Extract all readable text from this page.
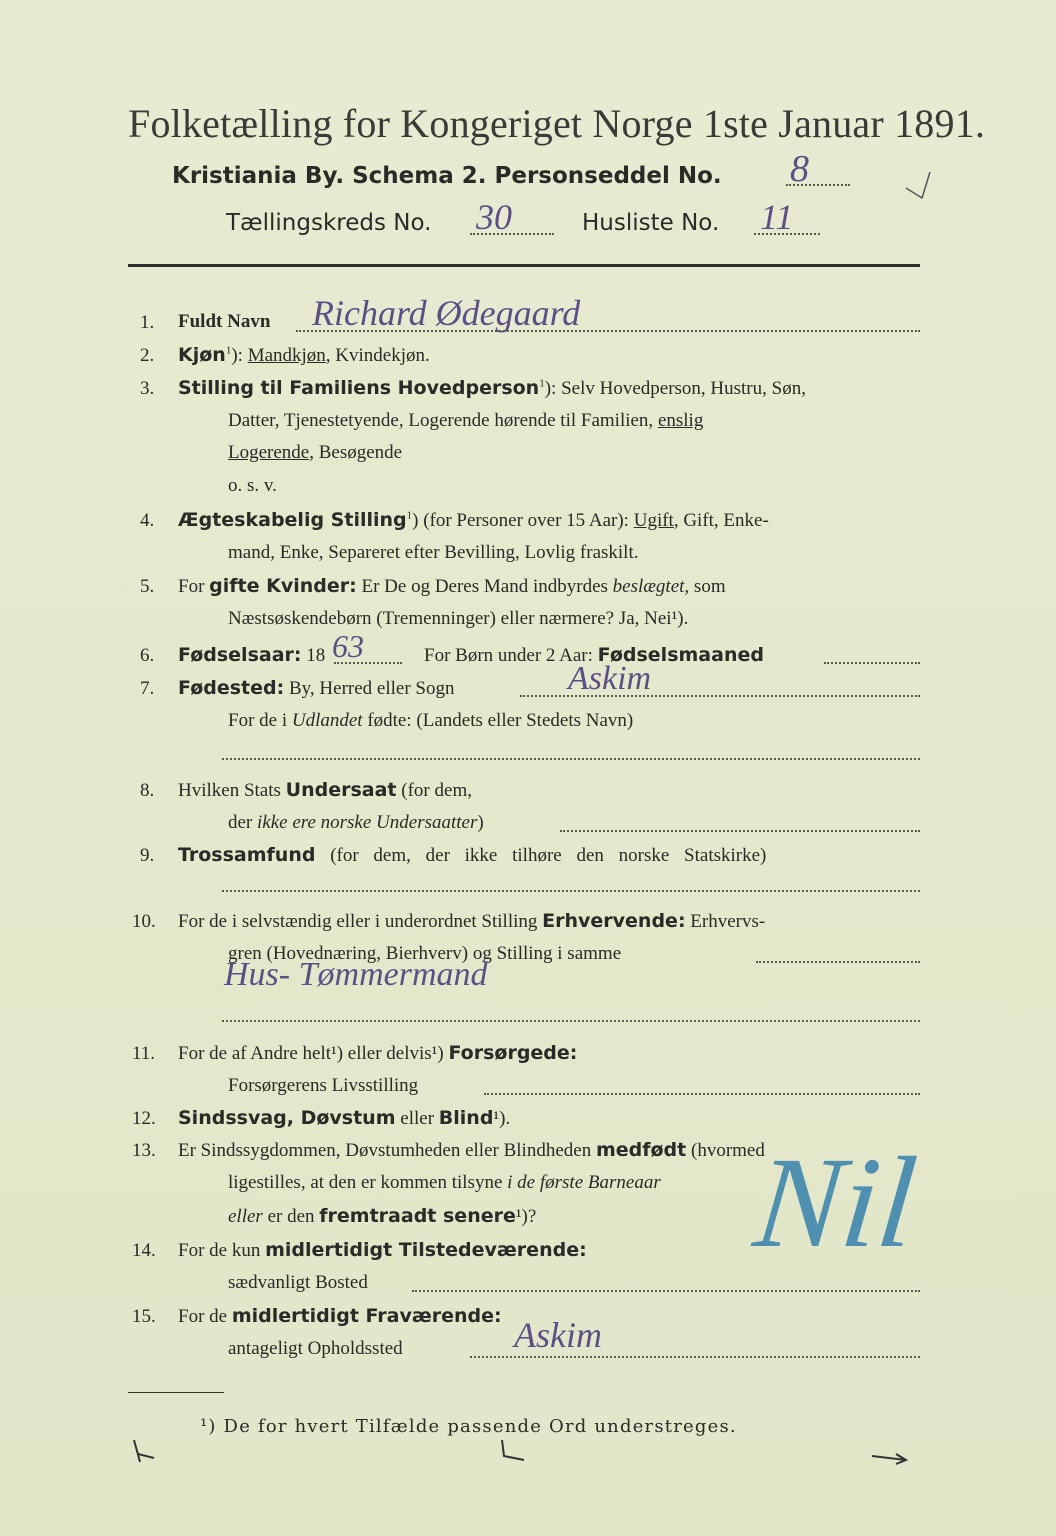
Folketælling for Kongeriget Norge 1ste Januar 1891.
Kristiania By. Schema 2. Personseddel No. 8
Tællingskreds No. 30	Husliste No. 11
1. Fuldt Navn Richard Ødegaard
2. Kjøn$^1$): Mandkjøn, Kvindekjøn.
3. Stilling til Familiens Hovedperson$^1$): Selv Hovedperson, Hustru, Søn,
Datter, Tjenestetyende, Logerende hørende til Familien, enslig
Logerende, Besøgende
o. s. v.
4. Ægteskabelig Stilling$^1$) (for Personer over 15 Aar): Ugift, Gift, Enke-
mand, Enke, Separeret efter Bevilling, Lovlig fraskilt.
5. For gifte Kvinder: Er De og Deres Mand indbyrdes beslægtet, som
Næstsøskendebørn (Tremenninger) eller nærmere? Ja, Nei¹).
6. Fødselsaar: 18 63	For Børn under 2 Aar: Fødselsmaaned
7. Fødested: By, Herred eller Sogn	Askim
For de i Udlandet fødte: (Landets eller Stedets Navn)
8. Hvilken Stats Undersaat (for dem,
der ikke ere norske Undersaatter)
9. Trossamfund (for dem, der ikke tilhøre den norske Statskirke)
10. For de i selvstændig eller i underordnet Stilling Erhvervende: Erhvervs-
gren (Hovednæring, Bierhverv) og Stilling i samme
Hus- Tømmermand
11. For de af Andre helt¹) eller delvis¹) Forsørgede:
Forsørgerens Livsstilling
12. Sindssvag, Døvstum eller Blind¹).
13. Er Sindssygdommen, Døvstumheden eller Blindheden medfødt (hvormed
ligestilles, at den er kommen tilsyne i de første Barneaar
eller er den fremtraadt senere¹)? Nil
14. For de kun midlertidigt Tilstedeværende:
sædvanligt Bosted
15. For de midlertidigt Fraværende:
antageligt Opholdssted	Askim
¹) De for hvert Tilfælde passende Ord understreges.
